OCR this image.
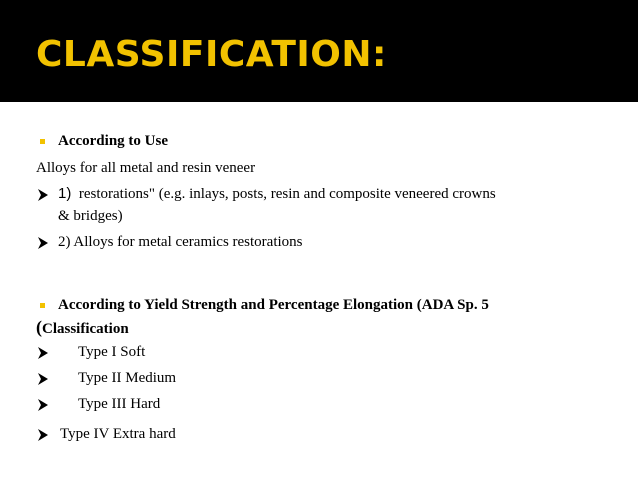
CLASSIFICATION:
According to Use
Alloys for all metal and resin veneer
1) restorations" (e.g. inlays, posts, resin and composite veneered crowns
& bridges)
2) Alloys for metal ceramics restorations
According to Yield Strength and Percentage Elongation (ADA Sp. 5
(Classification
Type I Soft
Type II Medium
Type III Hard
Type IV Extra hard
